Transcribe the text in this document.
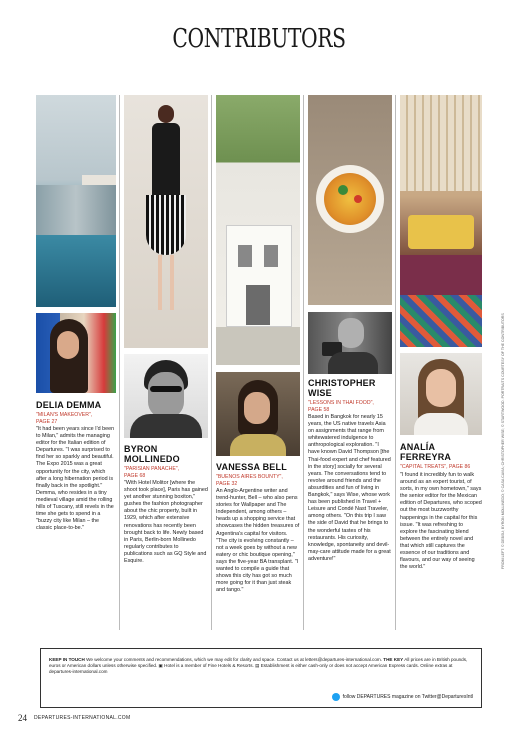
CONTRIBUTORS
DELIA DEMMA
"MILAN'S MAKEOVER",
PAGE 27
"It had been years since I'd been to Milan," admits the managing editor for the Italian edition of Departures. "I was surprised to find her so sparkly and beautiful. The Expo 2015 was a great opportunity for the city, which after a long hibernation period is finally back in the spotlight." Demma, who resides in a tiny medieval village amid the rolling hills of Tuscany, still revels in the time she gets to spend in a "buzzy city like Milan – the classic place-to-be."
BYRON
MOLLINEDO
"PARISIAN PANACHE",
PAGE 68
"With Hotel Molitor [where the shoot took place], Paris has gained yet another stunning boxiton," gushes the fashion photographer about the chic property, built in 1929, which after extensive renovations has recently been brought back to life. Newly based in Paris, Berlin-born Mollinedo regularly contributes to publications such as GQ Style and Esquire.
VANESSA BELL
"BUENOS AIRES BOUNTY",
PAGE 32
An Anglo-Argentine writer and trend-hunter, Bell – who also pens stories for Wallpaper and The Independent, among others – heads up a shopping service that showcases the hidden treasures of Argentina's capital for visitors. "The city is evolving constantly – not a week goes by without a new eatery or chic boutique opening," says the five-year BA transplant. "I wanted to compile a guide that shows this city has got so much more going for it than just steak and tango."
CHRISTOPHER
WISE
"LESSONS IN THAI FOOD",
PAGE 58
Based in Bangkok for nearly 15 years, the US native travels Asia on assignments that range from whitewatered indulgence to anthropological exploration. "I have known David Thompson [the Thai-food expert and chef featured in the story] socially for several years. The conversations tend to revolve around friends and the absurdities and fun of living in Bangkok," says Wise, whose work has been published in Travel + Leisure and Condé Nast Traveler, among others. "On this trip I saw the side of David that he brings to the wonderful tastes of his restaurants. His curiosity, knowledge, spontaneity and devil-may-care attitude made for a great adventure!"
ANALÍA
FERREYRA
"CAPITAL TREATS", PAGE 86
"I found it incredibly fun to walk around as an expert tourist, of sorts, in my own hometown," says the senior editor for the Mexican edition of Departures, who scoped out the most buzzworthy happenings in the capital for this issue. "It was refreshing to explore the fascinating blend between the entirely novel and that which still captures the essence of our traditions and flavours, and our way of seeing the world."	FROM LEFT: © DEBSU; BYRON MOLLINEDO; © CASA CAVIA; CHRISTOPHER WISE; © STARTWOOD. PORTRAITS COURTESY OF THE CONTRIBUTORS
KEEP IN TOUCH We welcome your comments and recommendations, which we may edit for clarity and space. Contact us at letters@departures-international.com. THE KEY All prices are in British pounds, euros or American dollars unless otherwise specified. ▣ Hotel is a member of Fine Hotels & Resorts. ▤ Establishment is either cash-only or does not accept American Express cards. Online extras at departures-international.com
follow DEPARTURES magazine on Twitter@DeparturesIntl
24 DEPARTURES-INTERNATIONAL.COM
